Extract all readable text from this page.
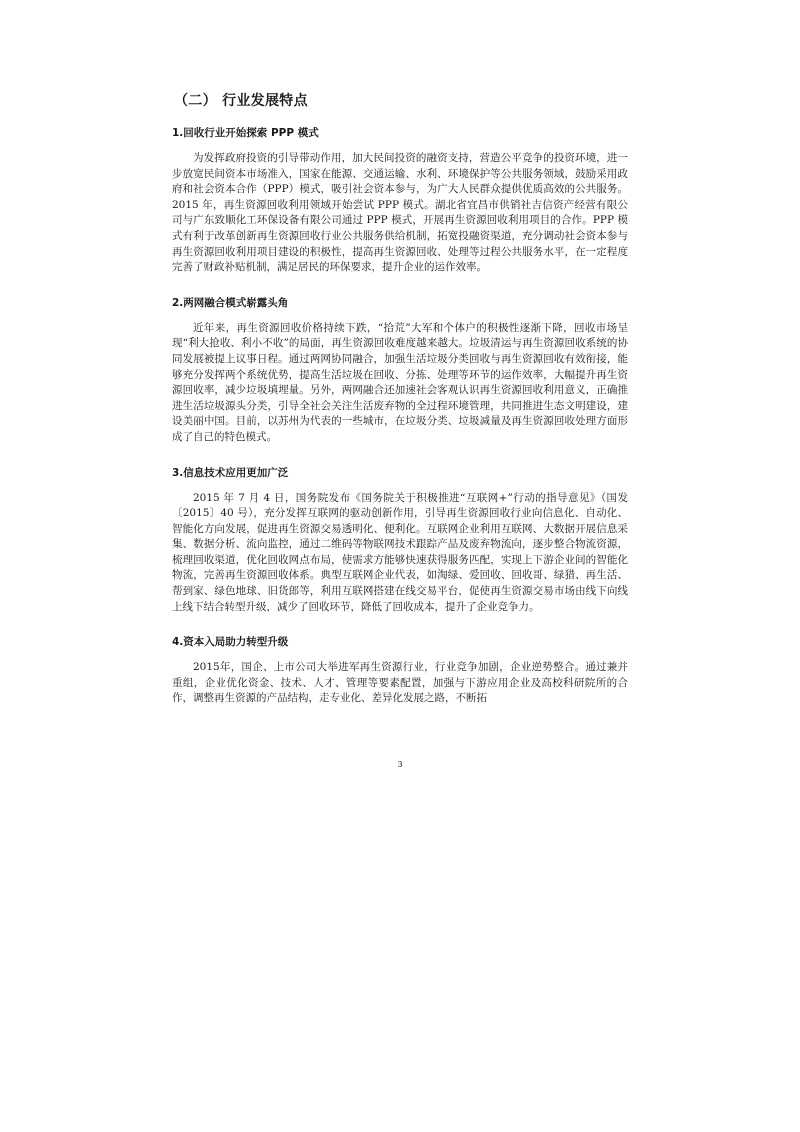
（二） 行业发展特点
1.回收行业开始探索 PPP 模式

为发挥政府投资的引导带动作用，加大民间投资的融资支持，营造公平竞争的投资环境，进一步放宽民间资本市场准入，国家在能源、交通运输、水利、环境保护等公共服务领域，鼓励采用政府和社会资本合作（PPP）模式，吸引社会资本参与，为广大人民群众提供优质高效的公共服务。2015 年，再生资源回收利用领域开始尝试 PPP 模式。湖北省宜昌市供销社吉信资产经营有限公司与广东致顺化工环保设备有限公司通过 PPP 模式，开展再生资源回收利用项目的合作。PPP 模式有利于改革创新再生资源回收行业公共服务供给机制，拓宽投融资渠道，充分调动社会资本参与再生资源回收利用项目建设的积极性，提高再生资源回收、处理等过程公共服务水平，在一定程度完善了财政补贴机制，满足居民的环保要求，提升企业的运作效率。

2.两网融合模式崭露头角

近年来，再生资源回收价格持续下跌，“拾荒”大军和个体户的积极性逐渐下降，回收市场呈现“利大抢收、利小不收”的局面，再生资源回收难度越来越大。垃圾清运与再生资源回收系统的协同发展被提上议事日程。通过两网协同融合，加强生活垃圾分类回收与再生资源回收有效衔接，能够充分发挥两个系统优势，提高生活垃圾在回收、分拣、处理等环节的运作效率，大幅提升再生资源回收率，减少垃圾填埋量。另外，两网融合还加速社会客观认识再生资源回收利用意义，正确推进生活垃圾源头分类，引导全社会关注生活废弃物的全过程环境管理，共同推进生态文明建设，建设美丽中国。目前，以苏州为代表的一些城市，在垃圾分类、垃圾减量及再生资源回收处理方面形成了自己的特色模式。

3.信息技术应用更加广泛

2015 年 7 月 4 日，国务院发布《国务院关于积极推进“互联网+”行动的指导意见》（国发〔2015〕40 号），充分发挥互联网的驱动创新作用，引导再生资源回收行业向信息化、自动化、智能化方向发展，促进再生资源交易透明化、便利化。互联网企业利用互联网、大数据开展信息采集、数据分析、流向监控，通过二维码等物联网技术跟踪产品及废弃物流向，逐步整合物流资源，梳理回收渠道，优化回收网点布局，使需求方能够快速获得服务匹配，实现上下游企业间的智能化物流，完善再生资源回收体系。典型互联网企业代表，如淘绿、爱回收、回收哥、绿猎、再生活、帮到家、绿色地球、旧货郎等，利用互联网搭建在线交易平台，促使再生资源交易市场由线下向线上线下结合转型升级，减少了回收环节，降低了回收成本，提升了企业竞争力。

4.资本入局助力转型升级

2015年，国企、上市公司大举进军再生资源行业，行业竞争加剧，企业逆势整合。通过兼并重组，企业优化资金、技术、人才、管理等要素配置，加强与下游应用企业及高校科研院所的合作，调整再生资源的产品结构，走专业化、差异化发展之路，不断拓

3
